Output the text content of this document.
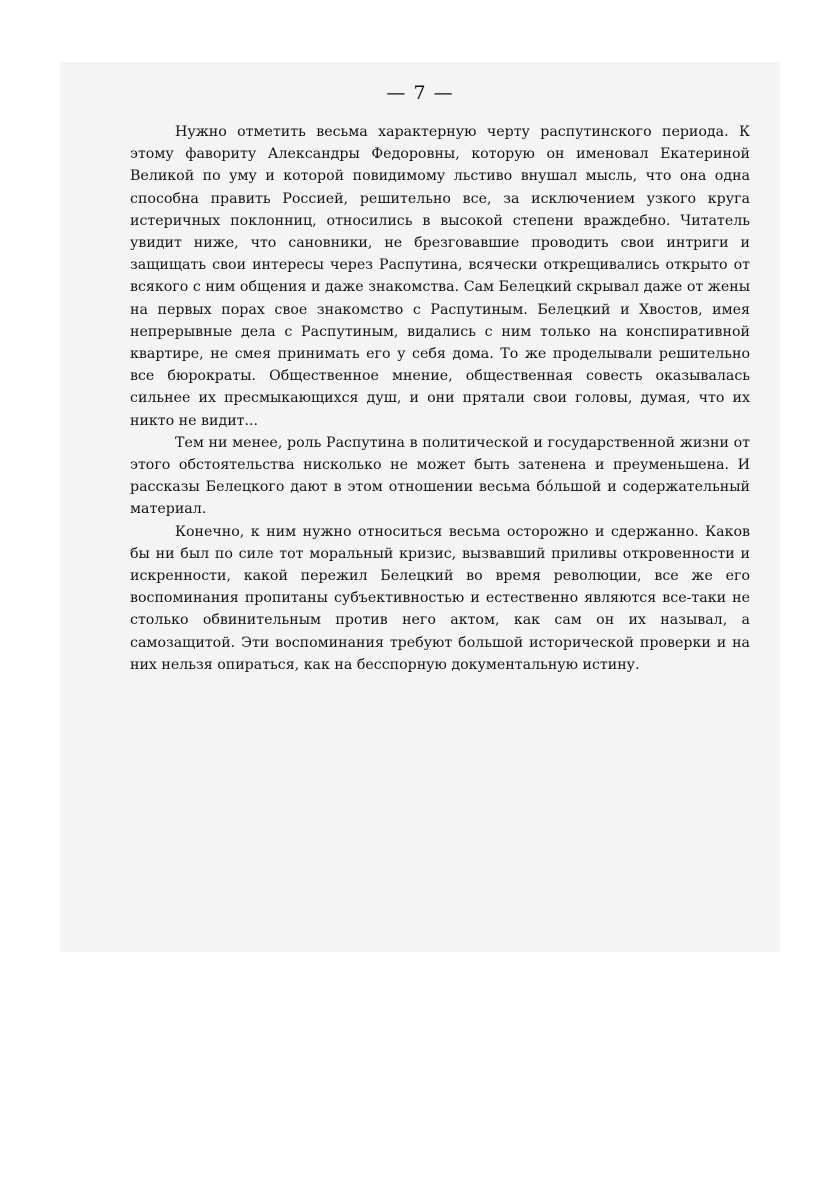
— 7 —

Нужно отметить весьма характерную черту распутинского периода. К этому фавориту Александры Федоровны, которую он именовал Екатериной Великой по уму и которой повидимому льстиво внушал мысль, что она одна способна править Россией, решительно все, за исключением узкого круга истеричных поклонниц, относились в высокой степени враждебно. Читатель увидит ниже, что сановники, не брезговавшие проводить свои интриги и защищать свои интересы через Распутина, всячески открещивались открыто от всякого с ним общения и даже знакомства. Сам Белецкий скрывал даже от жены на первых порах свое знакомство с Распутиным. Белецкий и Хвостов, имея непрерывные дела с Распутиным, видались с ним только на конспиративной квартире, не смея принимать его у себя дома. То же проделывали решительно все бюрократы. Общественное мнение, общественная совесть оказывалась сильнее их пресмыкающихся душ, и они прятали свои головы, думая, что их никто не видит...

Тем ни менее, роль Распутина в политической и государственной жизни от этого обстоятельства нисколько не может быть затенена и преуменьшена. И рассказы Белецкого дают в этом отношении весьма бóльшой и содержательный материал.

Конечно, к ним нужно относиться весьма осторожно и сдержанно. Каков бы ни был по силе тот моральный кризис, вызвавший приливы откровенности и искренности, какой пережил Белецкий во время революции, все же его воспоминания пропитаны субъективностью и естественно являются все-таки не столько обвинительным против него актом, как сам он их называл, а самозащитой. Эти воспоминания требуют большой исторической проверки и на них нельзя опираться, как на бесспорную документальную истину.
